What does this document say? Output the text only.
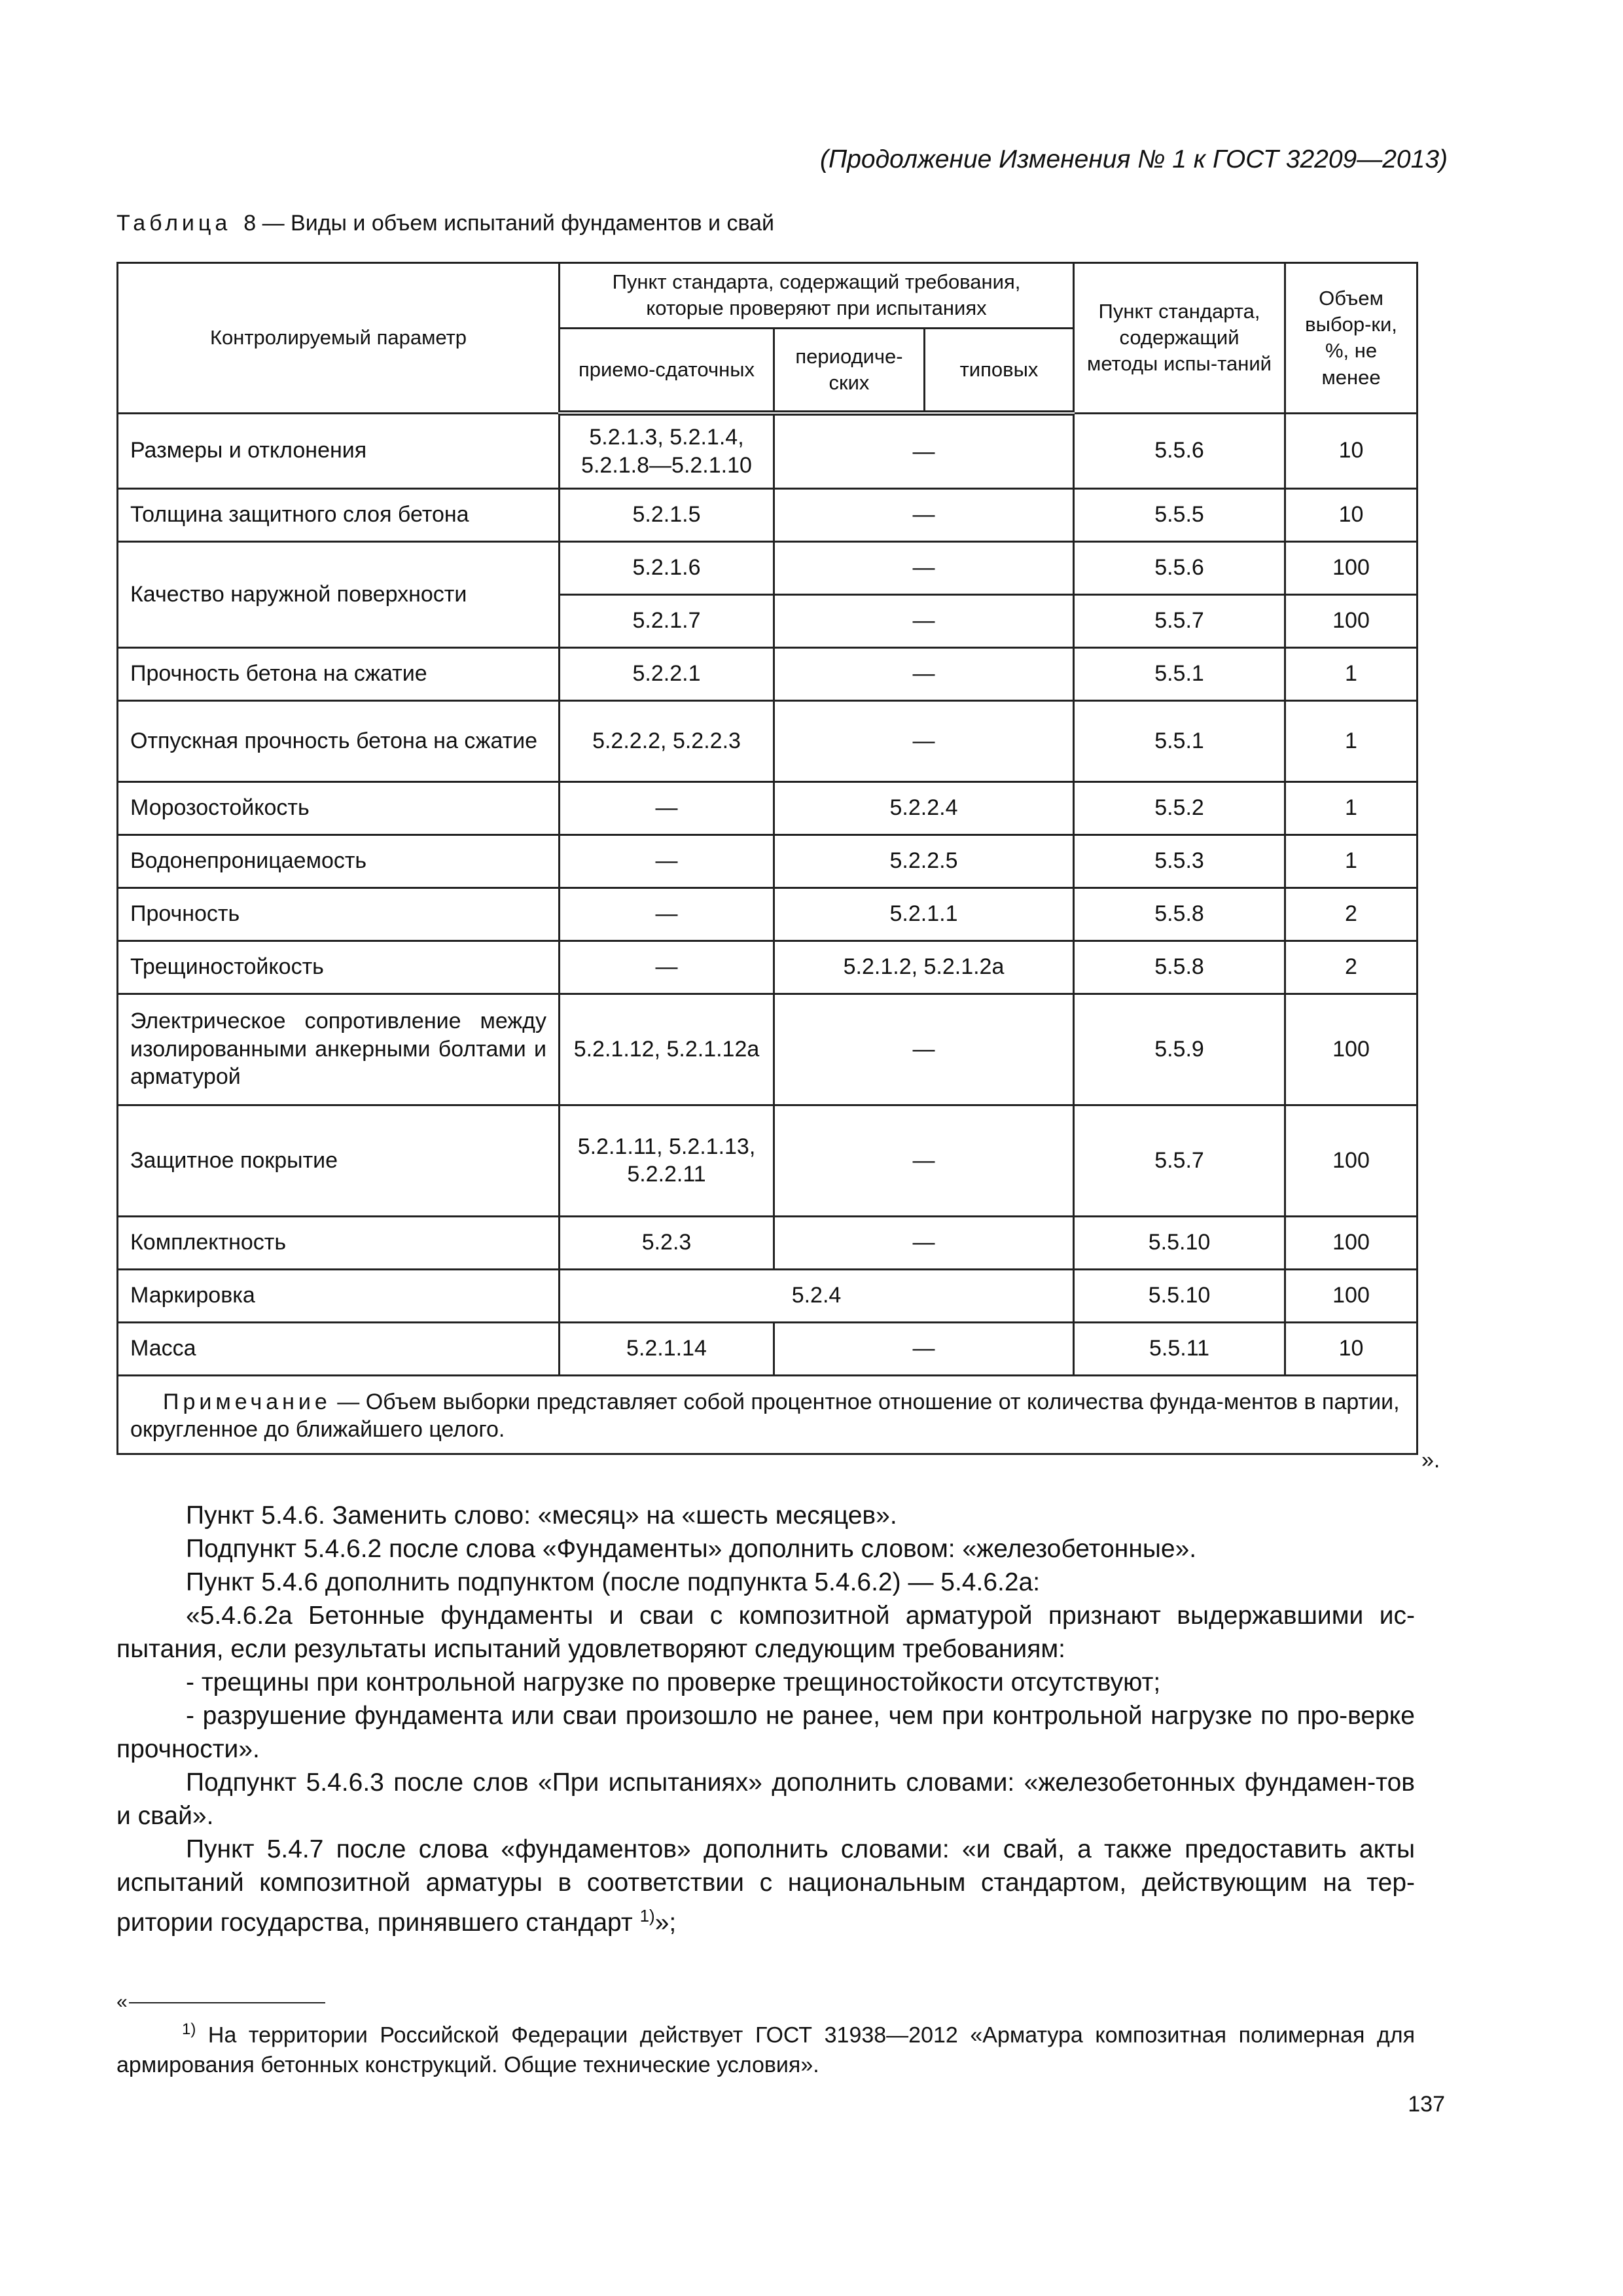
(Продолжение Изменения № 1 к ГОСТ 32209—2013)
Таблица 8 — Виды и объем испытаний фундаментов и свай
Контролируемый параметр	Пункт стандарта, содержащий требования, которые проверяют при испытаниях			Пункт стандарта, содержащий методы испы-таний	Объем выбор-ки, %, не менее
	приемо-сдаточных	периодиче-ских	типовых		
Размеры и отклонения	5.2.1.3, 5.2.1.4, 5.2.1.8—5.2.1.10	—		5.5.6	10
Толщина защитного слоя бетона	5.2.1.5	—		5.5.5	10
Качество наружной поверхности	5.2.1.6	—		5.5.6	100
	5.2.1.7	—		5.5.7	100
Прочность бетона на сжатие	5.2.2.1	—		5.5.1	1
Отпускная прочность бетона на сжатие	5.2.2.2, 5.2.2.3	—		5.5.1	1
Морозостойкость	—	5.2.2.4		5.5.2	1
Водонепроницаемость	—	5.2.2.5		5.5.3	1
Прочность	—	5.2.1.1		5.5.8	2
Трещиностойкость	—	5.2.1.2, 5.2.1.2а		5.5.8	2
Электрическое сопротивление между изолированными анкерными болтами и арматурой	5.2.1.12, 5.2.1.12а	—		5.5.9	100
Защитное покрытие	5.2.1.11, 5.2.1.13, 5.2.2.11	—		5.5.7	100
Комплектность	5.2.3	—		5.5.10	100
Маркировка	5.2.4			5.5.10	100
Масса	5.2.1.14	—		5.5.11	10
Примечание — Объем выборки представляет собой процентное отношение от количества фунда-ментов в партии, округленное до ближайшего целого.					
».

Пункт 5.4.6. Заменить слово: «месяц» на «шесть месяцев».

Подпункт 5.4.6.2 после слова «Фундаменты» дополнить словом: «железобетонные».

Пункт 5.4.6 дополнить подпунктом (после подпункта 5.4.6.2) — 5.4.6.2а:

«5.4.6.2а Бетонные фундаменты и сваи с композитной арматурой признают выдержавшими ис-пытания, если результаты испытаний удовлетворяют следующим требованиям:

- трещины при контрольной нагрузке по проверке трещиностойкости отсутствуют;

- разрушение фундамента или сваи произошло не ранее, чем при контрольной нагрузке по про-верке прочности».

Подпункт 5.4.6.3 после слов «При испытаниях» дополнить словами: «железобетонных фундамен-тов и свай».

Пункт 5.4.7 после слова «фундаментов» дополнить словами: «и свай, а также предоставить акты испытаний композитной арматуры в соответствии с национальным стандартом, действующим на тер-ритории государства, принявшего стандарт $^{1)}$»;

«
$^{1)}$ На территории Российской Федерации действует ГОСТ 31938—2012 «Арматура композитная полимерная для армирования бетонных конструкций. Общие технические условия».
137
